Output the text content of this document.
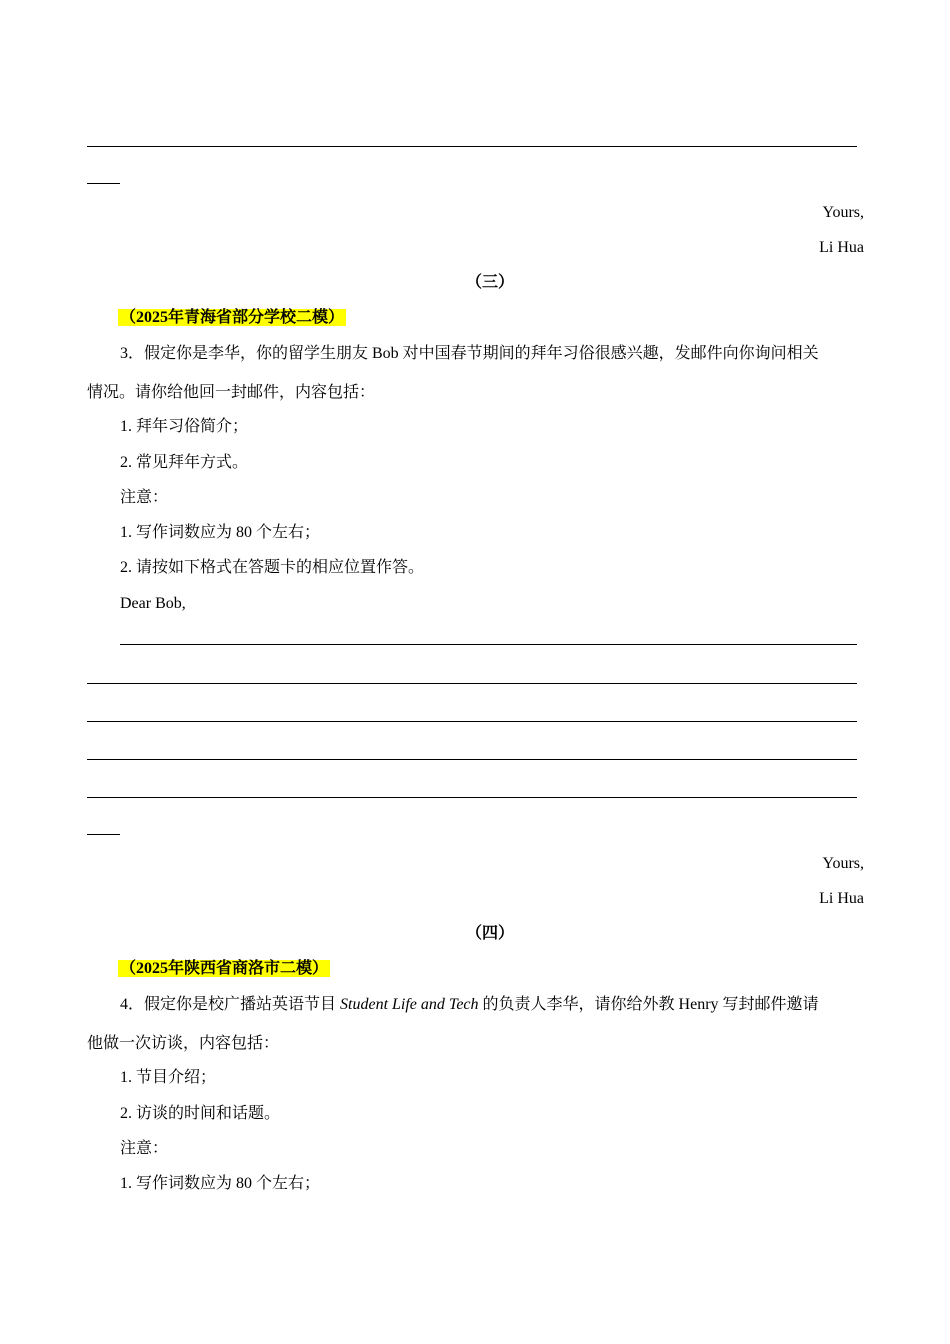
Yours,
Li Hua
（三）
（2025年青海省部分学校二模）
3．假定你是李华，你的留学生朋友 Bob 对中国春节期间的拜年习俗很感兴趣，发邮件向你询问相关
情况。请你给他回一封邮件，内容包括：
1. 拜年习俗简介；
2. 常见拜年方式。
注意：
1. 写作词数应为 80 个左右；
2. 请按如下格式在答题卡的相应位置作答。
Dear Bob,
Yours,
Li Hua
（四）
（2025年陕西省商洛市二模）
4．假定你是校广播站英语节目 Student Life and Tech 的负责人李华，请你给外教 Henry 写封邮件邀请
他做一次访谈，内容包括：
1. 节目介绍；
2. 访谈的时间和话题。
注意：
1. 写作词数应为 80 个左右；
